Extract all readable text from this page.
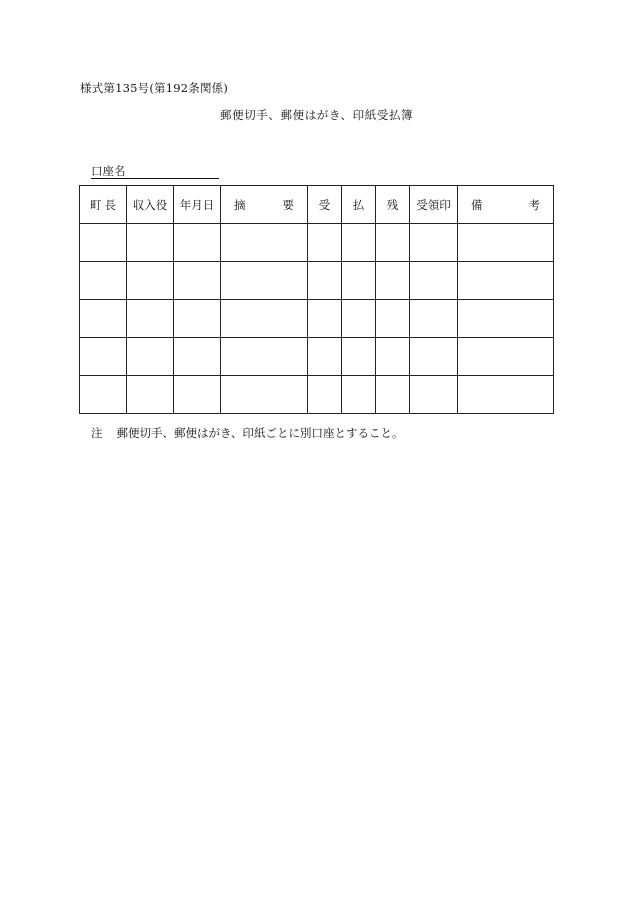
様式第135号(第192条関係)
郵便切手、郵便はがき、印紙受払簿
口座名
町 長	収入役	年月日	摘 要	受	払	残	受領印	備 考

注 郵便切手、郵便はがき、印紙ごとに別口座とすること。
